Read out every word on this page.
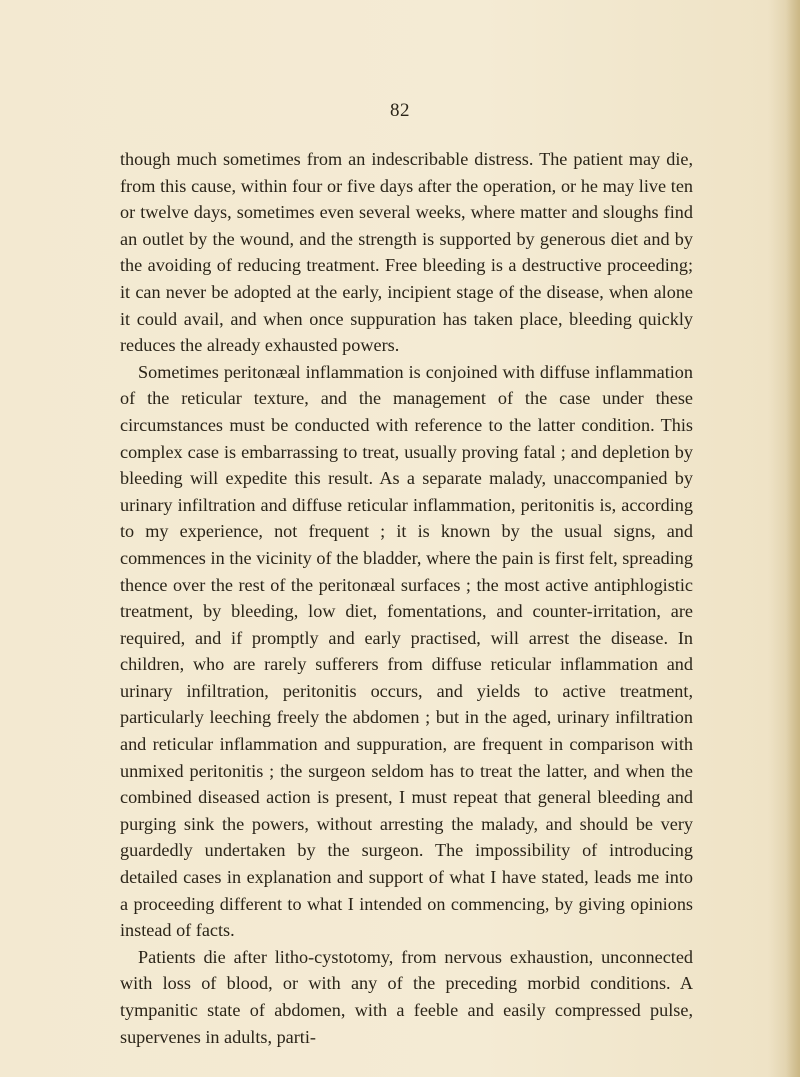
82

though much sometimes from an indescribable distress. The patient may die, from this cause, within four or five days after the operation, or he may live ten or twelve days, sometimes even several weeks, where matter and sloughs find an outlet by the wound, and the strength is supported by generous diet and by the avoiding of reducing treatment. Free bleeding is a destructive proceeding; it can never be adopted at the early, incipient stage of the disease, when alone it could avail, and when once suppuration has taken place, bleeding quickly reduces the already exhausted powers.

Sometimes peritonæal inflammation is conjoined with diffuse inflammation of the reticular texture, and the management of the case under these circumstances must be conducted with reference to the latter condition. This complex case is embarrassing to treat, usually proving fatal ; and depletion by bleeding will expedite this result. As a separate malady, unaccompanied by urinary infiltration and diffuse reticular inflammation, peritonitis is, according to my experience, not frequent ; it is known by the usual signs, and commences in the vicinity of the bladder, where the pain is first felt, spreading thence over the rest of the peritonæal surfaces ; the most active antiphlogistic treatment, by bleeding, low diet, fomentations, and counter-irritation, are required, and if promptly and early practised, will arrest the disease. In children, who are rarely sufferers from diffuse reticular inflammation and urinary infiltration, peritonitis occurs, and yields to active treatment, particularly leeching freely the abdomen ; but in the aged, urinary infiltration and reticular inflammation and suppuration, are frequent in comparison with unmixed peritonitis ; the surgeon seldom has to treat the latter, and when the combined diseased action is present, I must repeat that general bleeding and purging sink the powers, without arresting the malady, and should be very guardedly undertaken by the surgeon. The impossibility of introducing detailed cases in explanation and support of what I have stated, leads me into a proceeding different to what I intended on commencing, by giving opinions instead of facts.

Patients die after litho-cystotomy, from nervous exhaustion, unconnected with loss of blood, or with any of the preceding morbid conditions. A tympanitic state of abdomen, with a feeble and easily compressed pulse, supervenes in adults, parti-
